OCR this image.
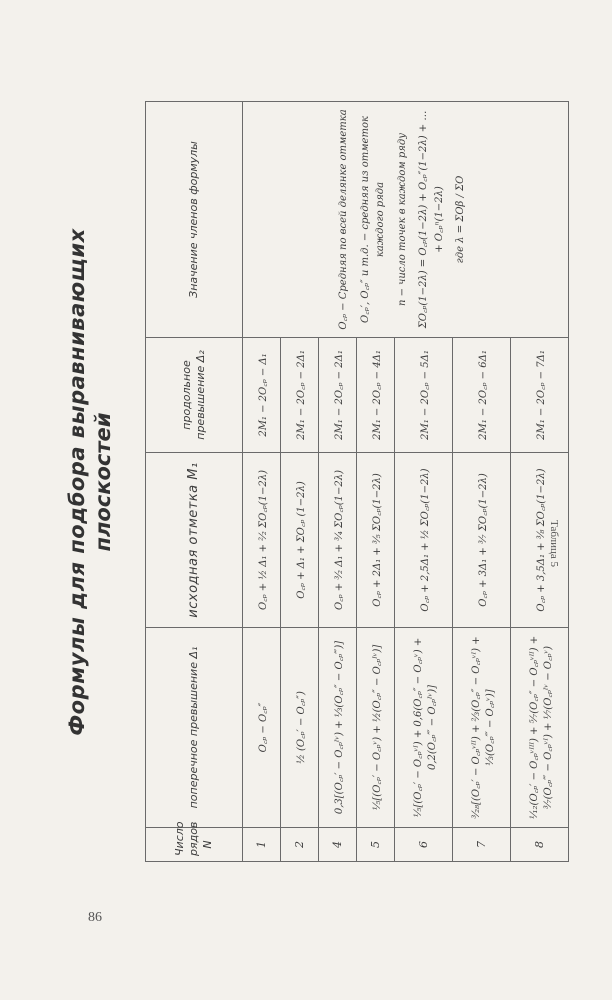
Формулы для подбора выравнивающих плоскостей
Число рядов N	поперечное превышение Δ₁	исходная отметка M₁	продольное превышение Δ₂	Значение членов формулы
1	O꜀ₚ − O꜀ₚ″	O꜀ₚ + ½ Δ₁ + ²⁄₂ ΣO꜀ₚ(1−2λ)	2M₁ − 2O꜀ₚ − Δ₁	O꜀ₚ − Средняя по всей делянке отметка O꜀ₚ′, O꜀ₚ″ и т.д. − средняя из отметок каждого ряда n − число точек в каждом ряду ΣO꜀ₚ(1−2λ) = O꜀ₚ(1−2λ) + O꜀ₚ″(1−2λ) + … + O꜀ₚⁿ(1−2λ) где λ = ΣOβ / ΣO

2	½ (O꜀ₚ′ − O꜀ₚ″)	O꜀ₚ + Δ₁ + ΣO꜀ₚ (1−2λ)	2M₁ − 2O꜀ₚ − 2Δ₁	
4	0,3[(O꜀ₚ′ − O꜀ₚᴵᵛ) + ⅓(O꜀ₚ″ − O꜀ₚ‴)]	O꜀ₚ + ³⁄₂ Δ₁ + ³⁄₄ ΣO꜀ₚ(1−2λ)	2M₁ − 2O꜀ₚ − 2Δ₁	
5	⅕[(O꜀ₚ′ − O꜀ₚᵛ) + ½(O꜀ₚ″ − O꜀ₚᴵᵛ)]	O꜀ₚ + 2Δ₁ + ³⁄₅ ΣO꜀ₚ(1−2λ)	2M₁ − 2O꜀ₚ − 4Δ₁	
6	⅕[(O꜀ₚ′ − O꜀ₚᵛᴵ) + 0,6(O꜀ₚ″ − O꜀ₚᵛ) + 0,2(O꜀ₚ‴ − O꜀ₚᴵᵛ)]	O꜀ₚ + 2,5Δ₁ + ½ ΣO꜀ₚ(1−2λ)	2M₁ − 2O꜀ₚ − 5Δ₁	
7	³⁄₂₈[(O꜀ₚ′ − O꜀ₚᵛᴵᴵ) + ⅔(O꜀ₚ″ − O꜀ₚᵛᴵ) + ⅓(O꜀ₚ‴ − O꜀ₚᵛ)]	O꜀ₚ + 3Δ₁ + ³⁄₇ ΣO꜀ₚ(1−2λ)	2M₁ − 2O꜀ₚ − 6Δ₁	
8	¹⁄₁₂(O꜀ₚ′ − O꜀ₚᵛᴵᴵᴵ) + ⁵⁄₇(O꜀ₚ″ − O꜀ₚᵛᴵᴵ) + ³⁄₇(O꜀ₚ‴ − O꜀ₚᵛᴵ) + ⅐(O꜀ₚᴵᵛ − O꜀ₚᵛ)	O꜀ₚ + 3,5Δ₁ + ³⁄₈ ΣO꜀ₚ(1−2λ)	2M₁ − 2O꜀ₚ − 7Δ₁	
Таблица 5
86
